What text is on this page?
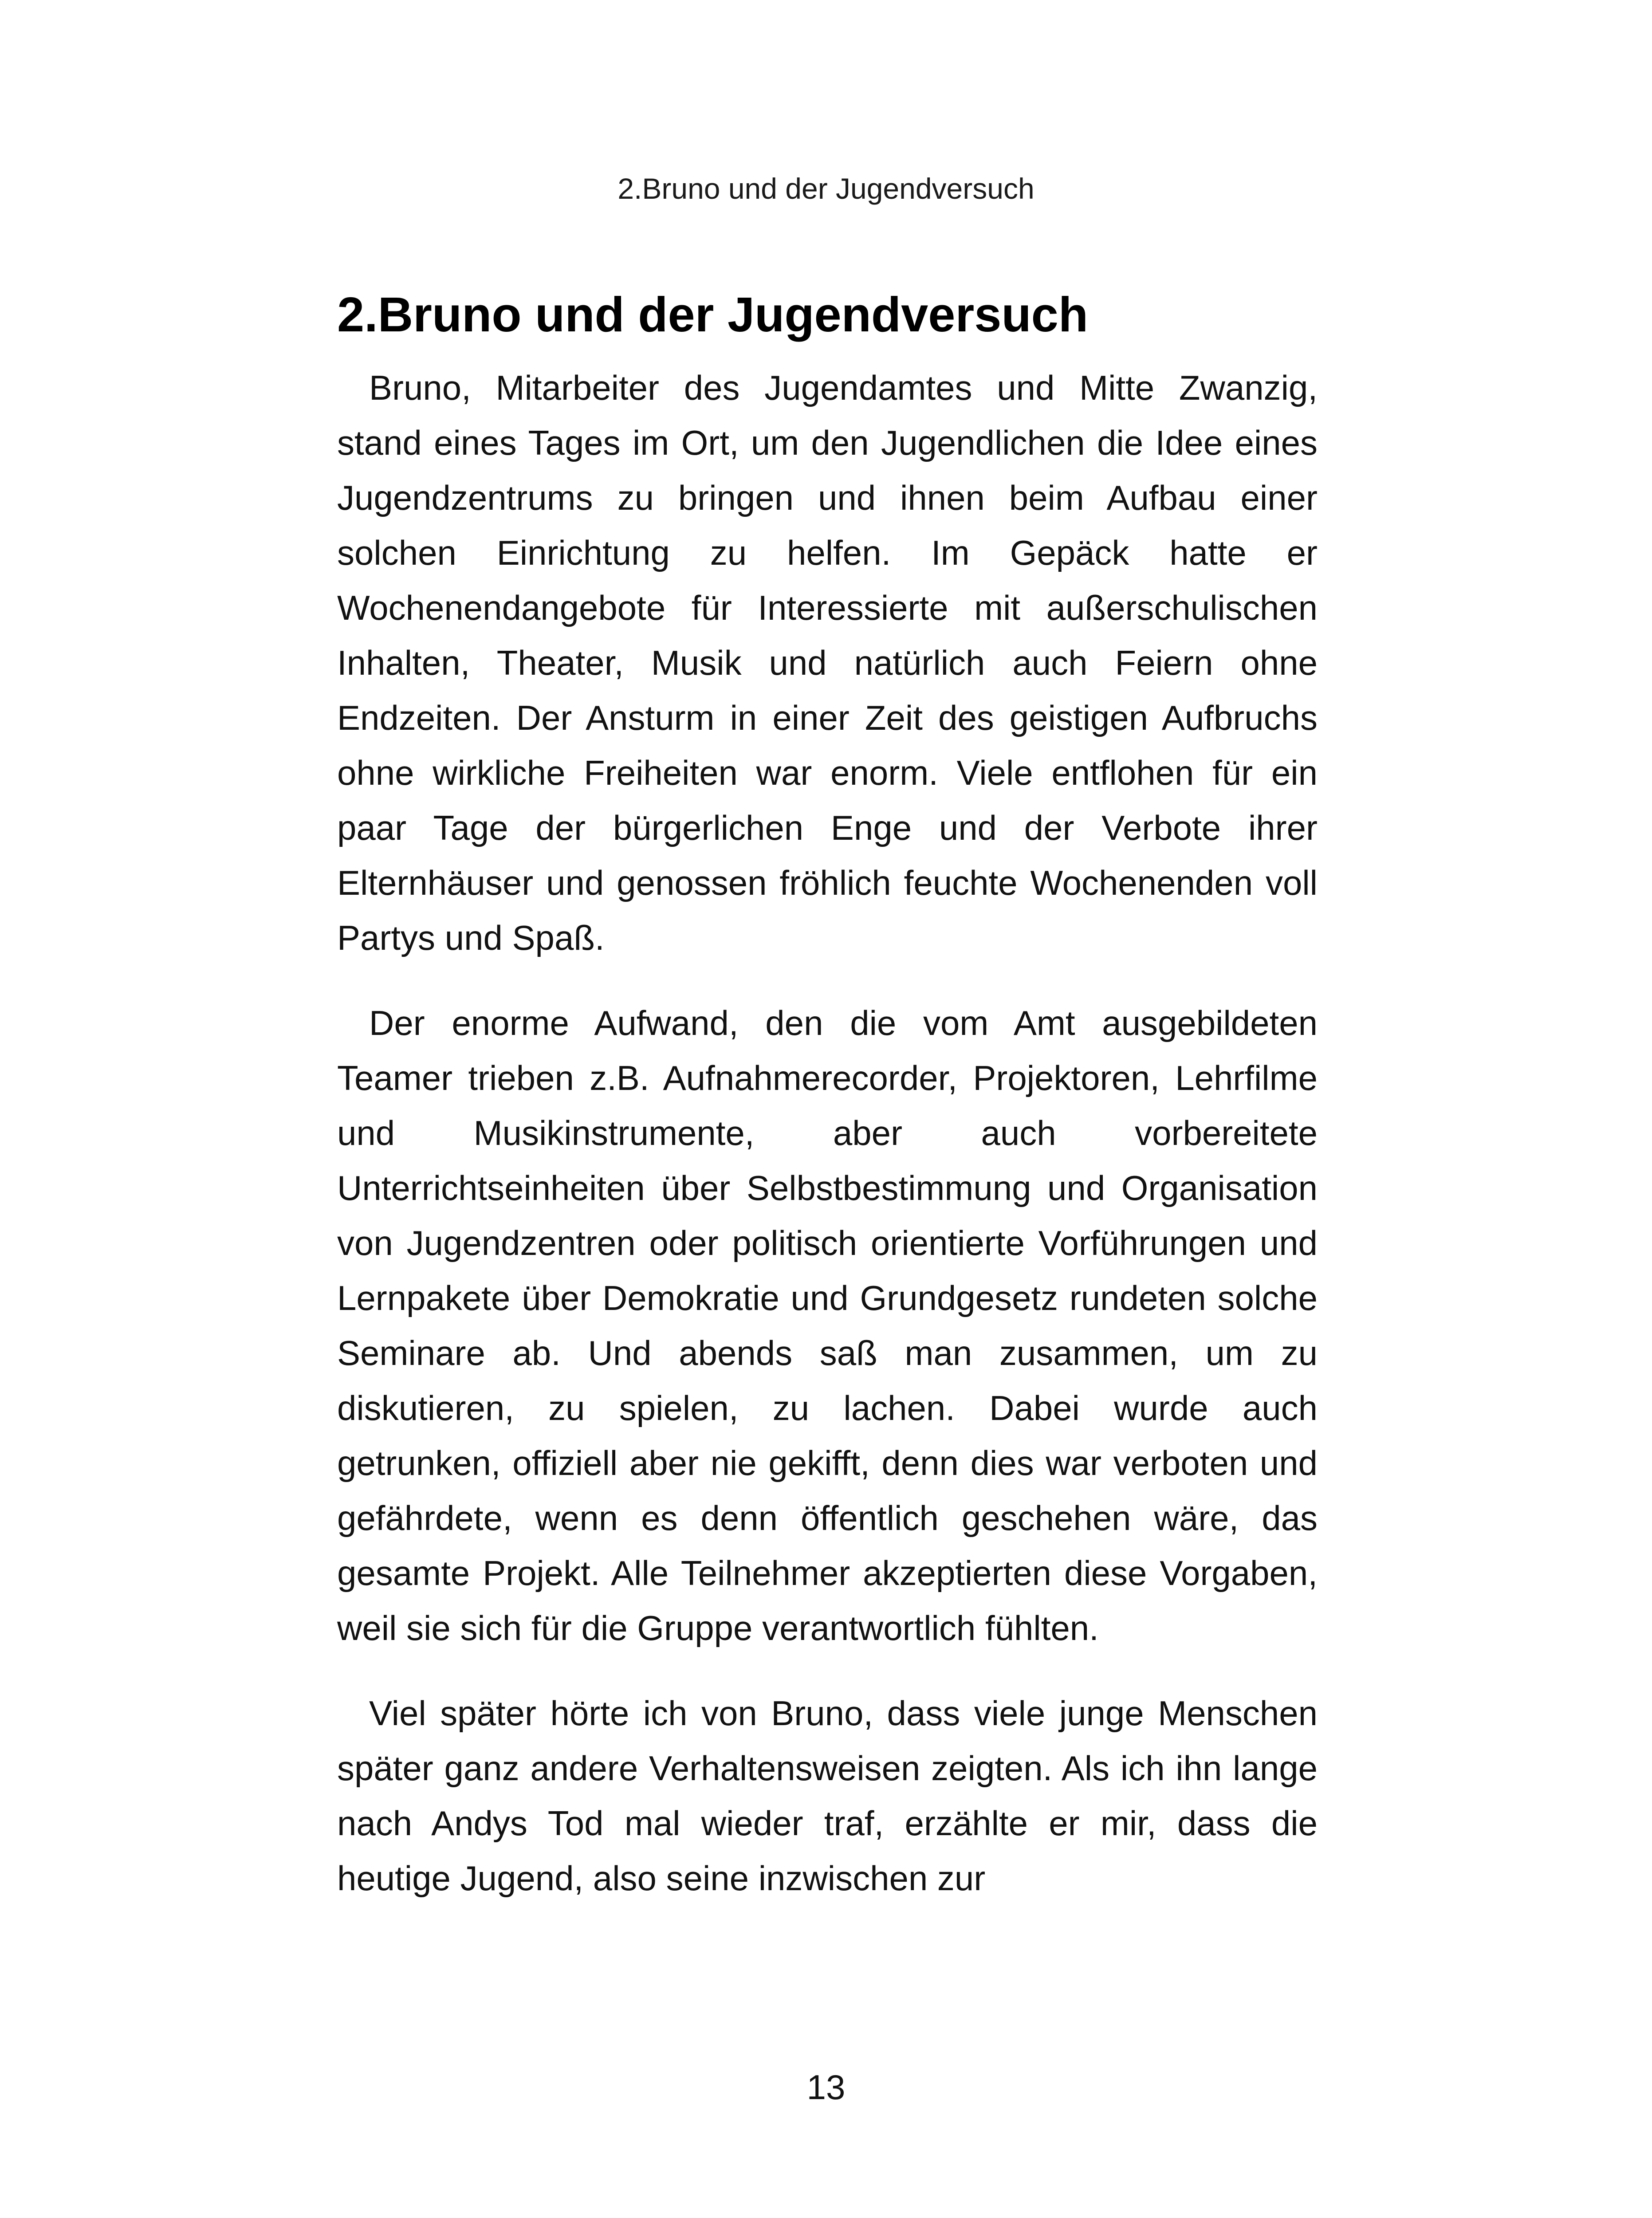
2.Bruno und der Jugendversuch
2.Bruno und der Jugendversuch

Bruno, Mitarbeiter des Jugendamtes und Mitte Zwanzig, stand eines Tages im Ort, um den Jugendlichen die Idee eines Jugendzentrums zu bringen und ihnen beim Aufbau einer solchen Einrichtung zu helfen. Im Gepäck hatte er Wochenendangebote für Interessierte mit außerschulischen Inhalten, Theater, Musik und natürlich auch Feiern ohne Endzeiten. Der Ansturm in einer Zeit des geistigen Aufbruchs ohne wirkliche Freiheiten war enorm. Viele entflohen für ein paar Tage der bürgerlichen Enge und der Verbote ihrer Elternhäuser und genossen fröhlich feuchte Wochenenden voll Partys und Spaß.

Der enorme Aufwand, den die vom Amt ausgebildeten Teamer trieben z.B. Aufnahmerecorder, Projektoren, Lehrfilme und Musikinstrumente, aber auch vorbereitete Unterrichtseinheiten über Selbstbestimmung und Organisation von Jugendzentren oder politisch orientierte Vorführungen und Lernpakete über Demokratie und Grundgesetz rundeten solche Seminare ab. Und abends saß man zusammen, um zu diskutieren, zu spielen, zu lachen. Dabei wurde auch getrunken, offiziell aber nie gekifft, denn dies war verboten und gefährdete, wenn es denn öffentlich geschehen wäre, das gesamte Projekt. Alle Teilnehmer akzeptierten diese Vorgaben, weil sie sich für die Gruppe verantwortlich fühlten.

Viel später hörte ich von Bruno, dass viele junge Menschen später ganz andere Verhaltensweisen zeigten. Als ich ihn lange nach Andys Tod mal wieder traf, erzählte er mir, dass die heutige Jugend, also seine inzwischen zur

13
